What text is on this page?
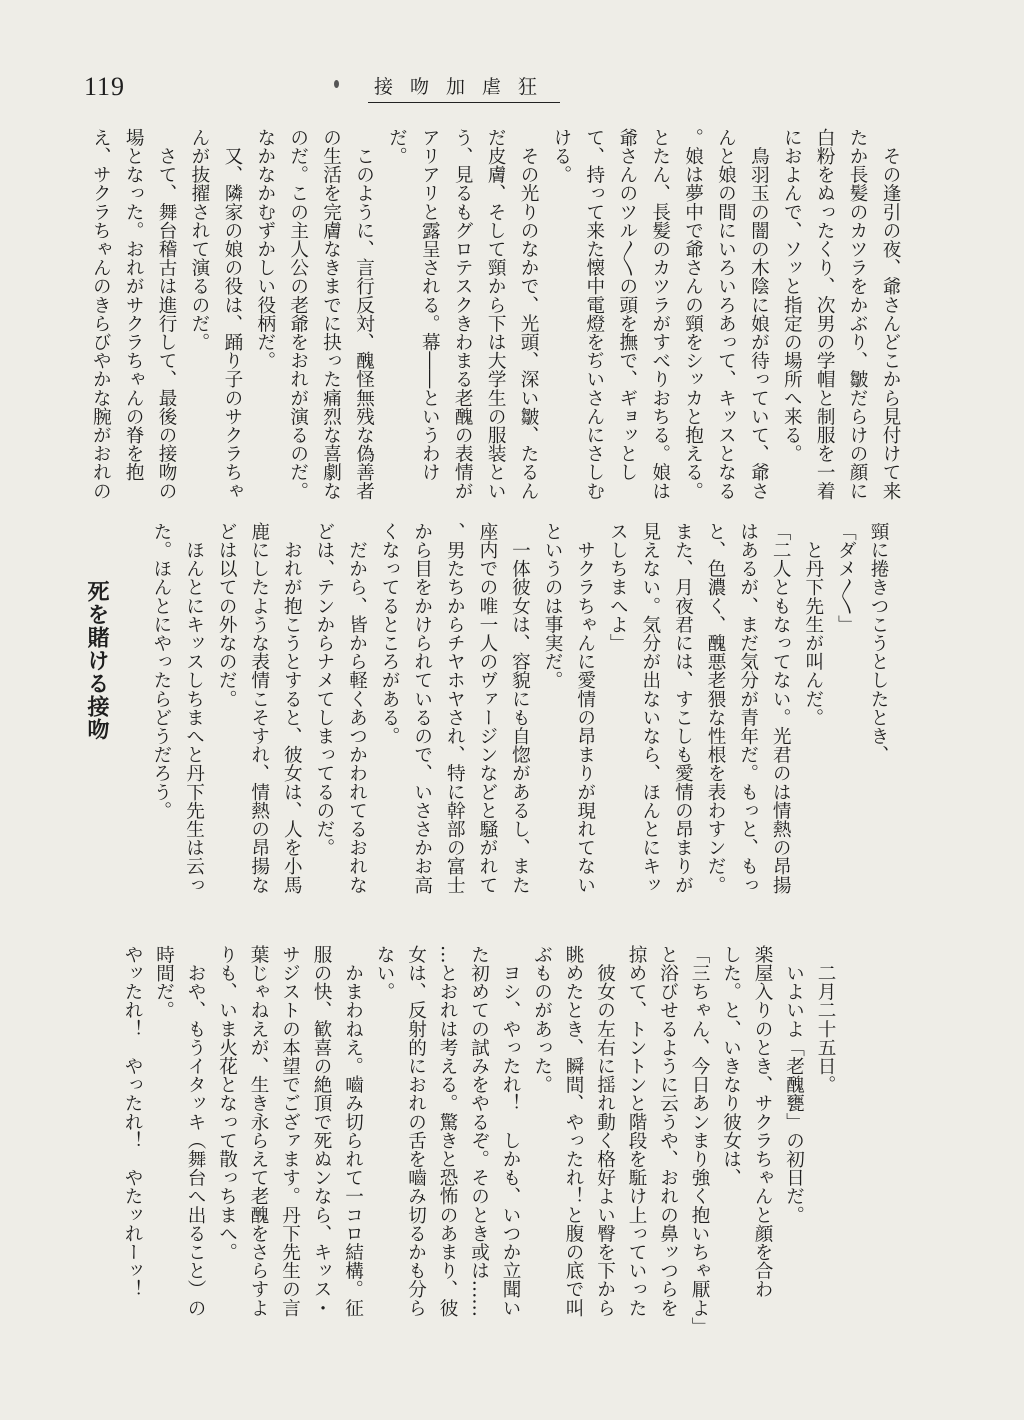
119	接吻加虐狂
　その逢引の夜、爺さんどこから見付けて来
たか長髪のカツラをかぶり、皺だらけの顔に
白粉をぬったくり、次男の学帽と制服を一着
におよんで、ソッと指定の場所へ来る。
　鳥羽玉の闇の木陰に娘が待っていて、爺さ
んと娘の間にいろいろあって、キッスとなる
。娘は夢中で爺さんの頸をシッカと抱える。
とたん、長髪のカツラがすべりおちる。娘は
爺さんのツル〳〵の頭を撫で、ギョッとし
て、持って来た懐中電燈をぢいさんにさしむ
ける。
　その光りのなかで、光頭、深い皺、たるん
だ皮膚、そして頸から下は大学生の服装とい
う、見るもグロテスクきわまる老醜の表情が
アリアリと露呈される。幕――というわけ
だ。
　このように、言行反対、醜怪無残な偽善者
の生活を完膚なきまでに抉った痛烈な喜劇な
のだ。この主人公の老爺をおれが演るのだ。
なかなかむずかしい役柄だ。
　又、隣家の娘の役は、踊り子のサクラちゃ
んが抜擢されて演るのだ。
　さて、舞台稽古は進行して、最後の接吻の
場となった。おれがサクラちゃんの脊を抱
え、サクラちゃんのきらびやかな腕がおれの
頸に捲きつこうとしたとき、
「ダメ〳〵」
　と丹下先生が叫んだ。
「二人ともなってない。光君のは情熱の昂揚
はあるが、まだ気分が青年だ。もっと、もっ
と、色濃く、醜悪老猥な性根を表わすンだ。
また、月夜君には、すこしも愛情の昂まりが
見えない。気分が出ないなら、ほんとにキッ
スしちまへよ」
　サクラちゃんに愛情の昂まりが現れてない
というのは事実だ。
　一体彼女は、容貌にも自惚があるし、また
座内での唯一人のヴァージンなどと騒がれて
、男たちからチヤホヤされ、特に幹部の富士
から目をかけられているので、いささかお高
くなってるところがある。
　だから、皆から軽くあつかわれてるおれな
どは、テンからナメてしまってるのだ。
　おれが抱こうとすると、彼女は、人を小馬
鹿にしたような表情こそすれ、情熱の昂揚な
どは以ての外なのだ。
　ほんとにキッスしちまへと丹下先生は云っ
た。ほんとにやったらどうだろう。
死を賭ける接吻
　二月二十五日。
　いよいよ「老醜甕」の初日だ。
楽屋入りのとき、サクラちゃんと顔を合わ
した。と、いきなり彼女は、
「三ちゃん、今日あンまり強く抱いちゃ厭よ」
と浴びせるように云うや、おれの鼻ッつらを
掠めて、トントンと階段を駈け上っていった
　彼女の左右に揺れ動く格好よい臀を下から
眺めたとき、瞬間、やったれ！と腹の底で叫
ぶものがあった。
　ヨシ、やったれ！　しかも、いつか立聞い
た初めての試みをやるぞ。そのとき或は……
…とおれは考える。驚きと恐怖のあまり、彼
女は、反射的におれの舌を嚙み切るかも分ら
ない。
　かまわねえ。嚙み切られて一コロ結構。征
服の快、歓喜の絶頂で死ぬンなら、キッス・
サジストの本望でござァます。丹下先生の言
葉じゃねえが、生き永らえて老醜をさらすよ
りも、いま火花となって散っちまへ。
　おや、もうイタッキ（舞台へ出ること）の
時間だ。
やッたれ！　やったれ！　やたッれーッ！
